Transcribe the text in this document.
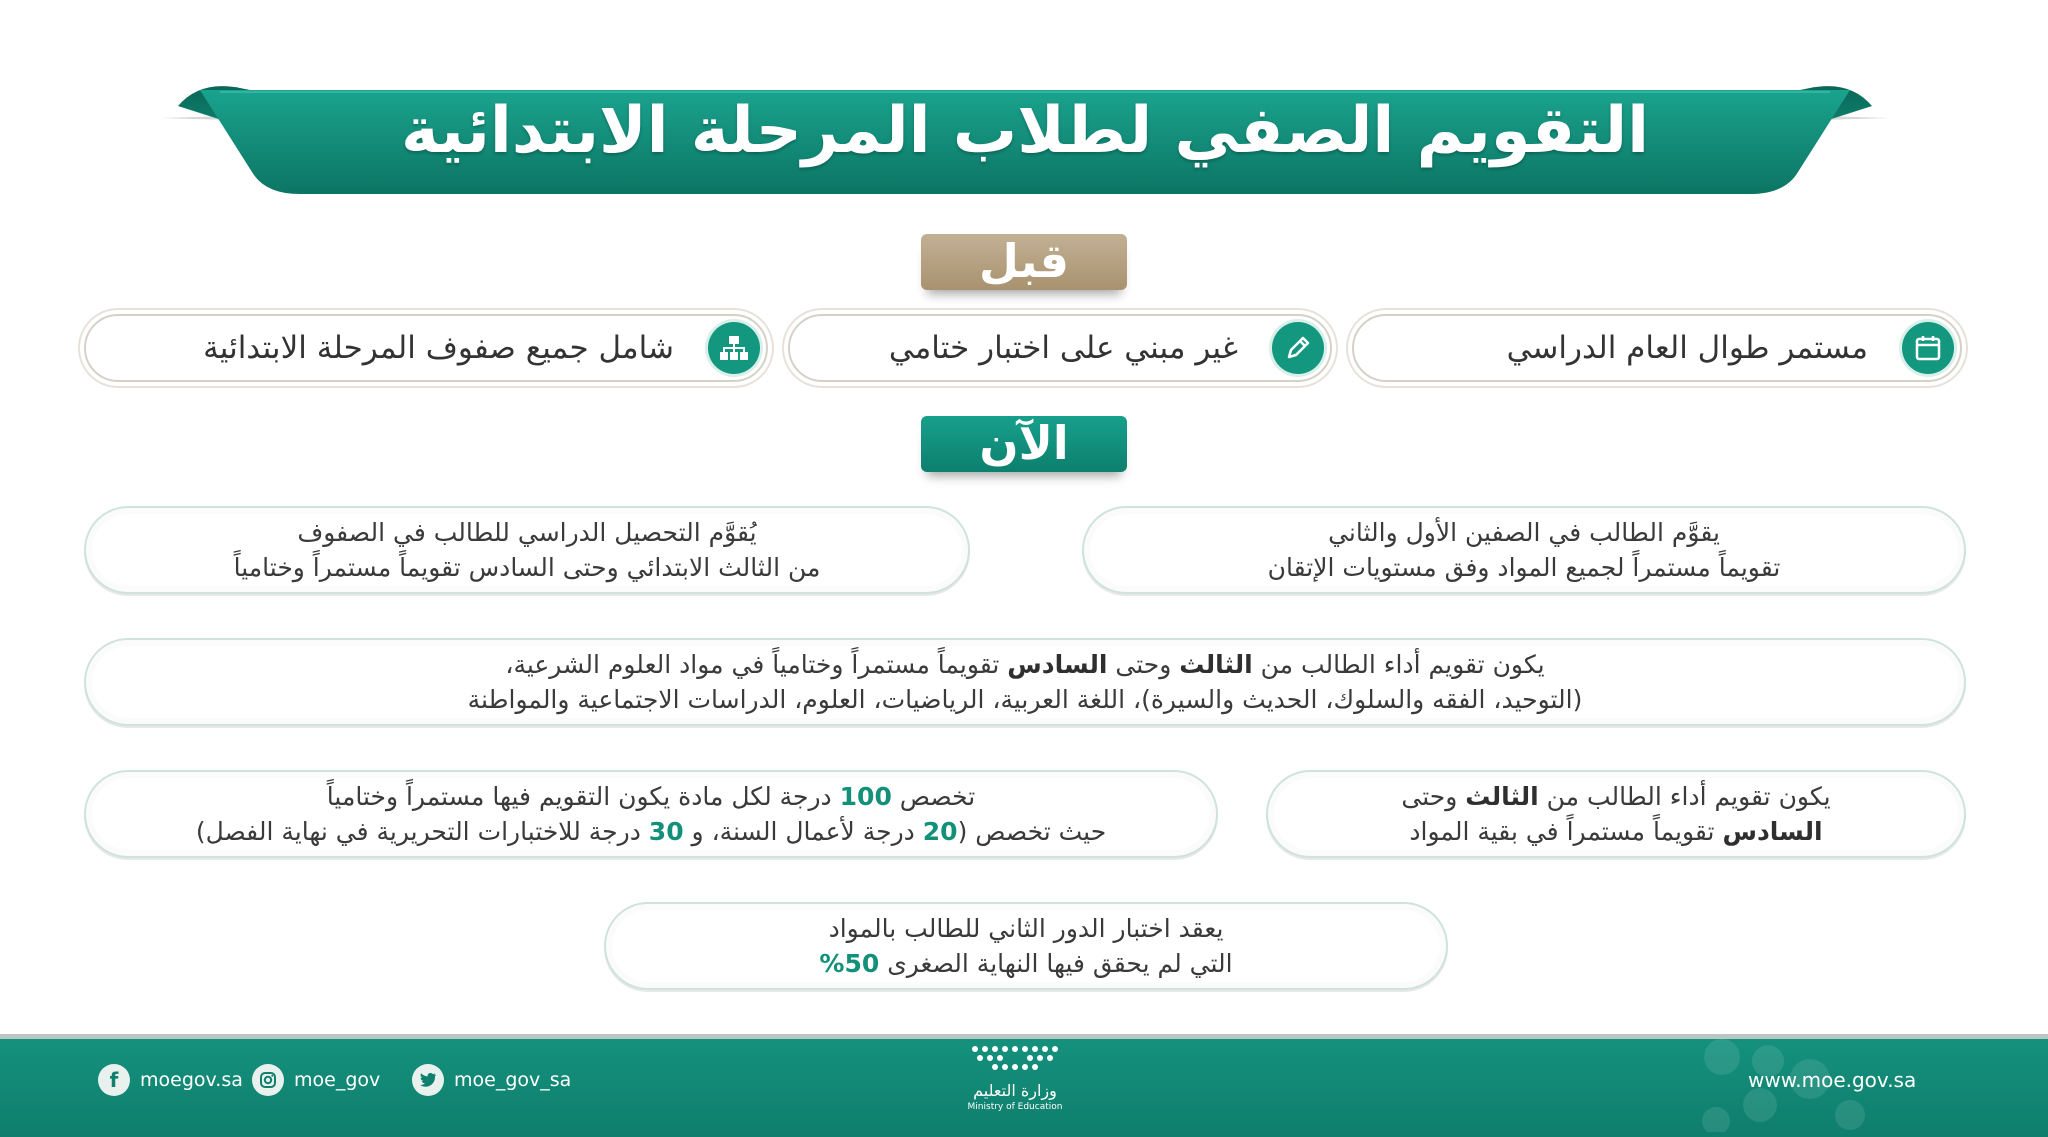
التقويم الصفي لطلاب المرحلة الابتدائية
قبل
مستمر طوال العام الدراسي
غير مبني على اختبار ختامي
شامل جميع صفوف المرحلة الابتدائية
الآن
يقوَّم الطالب في الصفين الأول والثاني
تقويماً مستمراً لجميع المواد وفق مستويات الإتقان
يُقوَّم التحصيل الدراسي للطالب في الصفوف
من الثالث الابتدائي وحتى السادس تقويماً مستمراً وختامياً
يكون تقويم أداء الطالب من الثالث وحتى السادس تقويماً مستمراً وختامياً في مواد العلوم الشرعية،
(التوحيد، الفقه والسلوك، الحديث والسيرة)، اللغة العربية، الرياضيات، العلوم، الدراسات الاجتماعية والمواطنة
يكون تقويم أداء الطالب من الثالث وحتى
السادس تقويماً مستمراً في بقية المواد
تخصص 100 درجة لكل مادة يكون التقويم فيها مستمراً وختامياً
حيث تخصص (20 درجة لأعمال السنة، و 30 درجة للاختبارات التحريرية في نهاية الفصل)
يعقد اختبار الدور الثاني للطالب بالمواد
التي لم يحقق فيها النهاية الصغرى 50%
f	moegov.sa	moe_gov	moe_gov_sa	وزارة التعليم
Ministry of Education
www.moe.gov.sa
